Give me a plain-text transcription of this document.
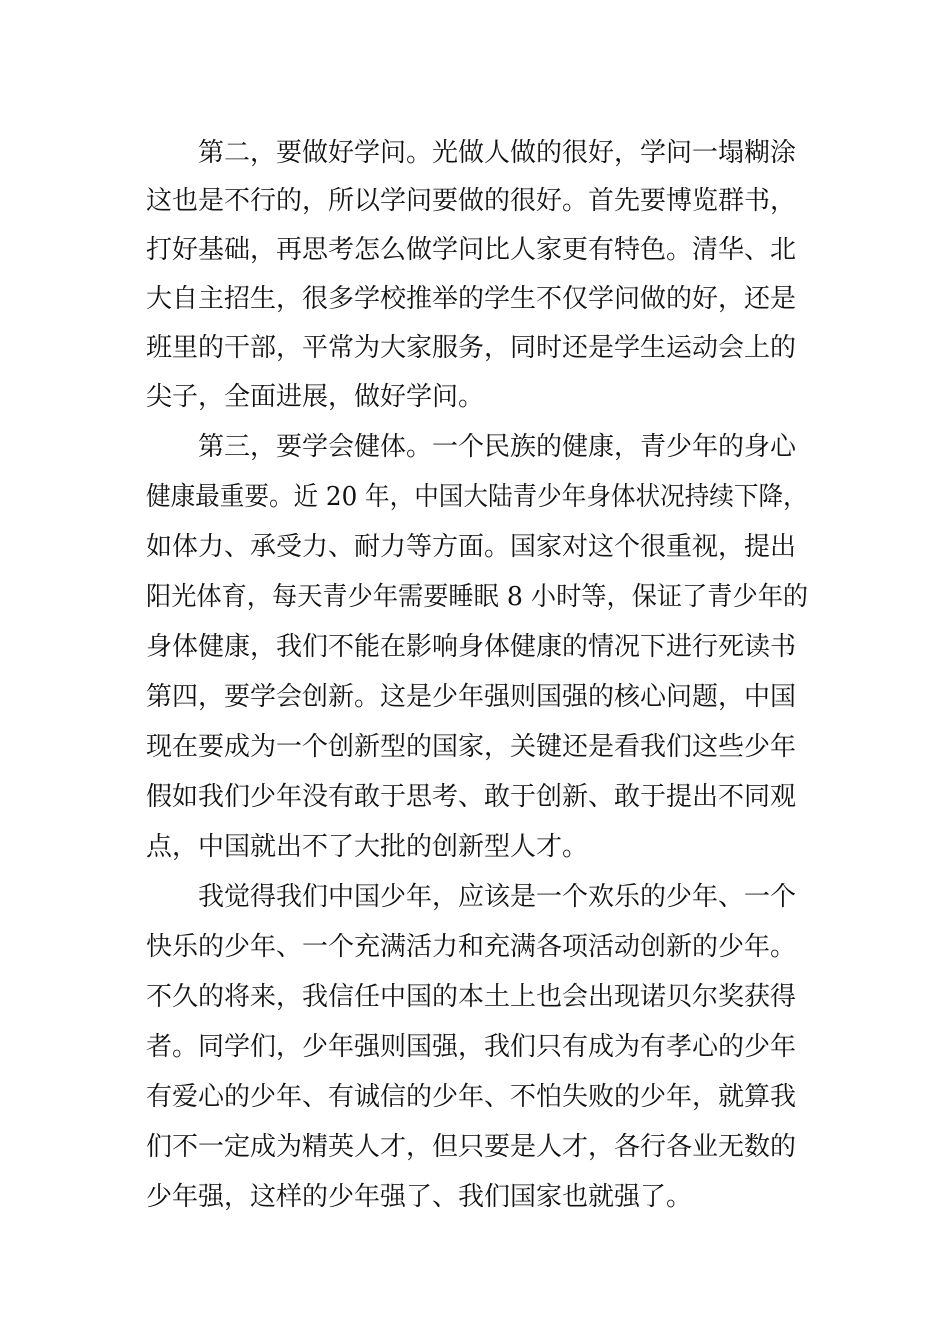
　　第二，要做好学问。光做人做的很好，学问一塌糊涂
这也是不行的，所以学问要做的很好。首先要博览群书，
打好基础，再思考怎么做学问比人家更有特色。清华、北
大自主招生，很多学校推举的学生不仅学问做的好，还是
班里的干部，平常为大家服务，同时还是学生运动会上的
尖子，全面进展，做好学问。
　　第三，要学会健体。一个民族的健康，青少年的身心
健康最重要。近 20 年，中国大陆青少年身体状况持续下降，
如体力、承受力、耐力等方面。国家对这个很重视，提出
阳光体育，每天青少年需要睡眠 8 小时等，保证了青少年的
身体健康，我们不能在影响身体健康的情况下进行死读书
第四，要学会创新。这是少年强则国强的核心问题，中国
现在要成为一个创新型的国家，关键还是看我们这些少年
假如我们少年没有敢于思考、敢于创新、敢于提出不同观
点，中国就出不了大批的创新型人才。
　　我觉得我们中国少年，应该是一个欢乐的少年、一个
快乐的少年、一个充满活力和充满各项活动创新的少年。
不久的将来，我信任中国的本土上也会出现诺贝尔奖获得
者。同学们，少年强则国强，我们只有成为有孝心的少年
有爱心的少年、有诚信的少年、不怕失败的少年，就算我
们不一定成为精英人才，但只要是人才，各行各业无数的
少年强，这样的少年强了、我们国家也就强了。
